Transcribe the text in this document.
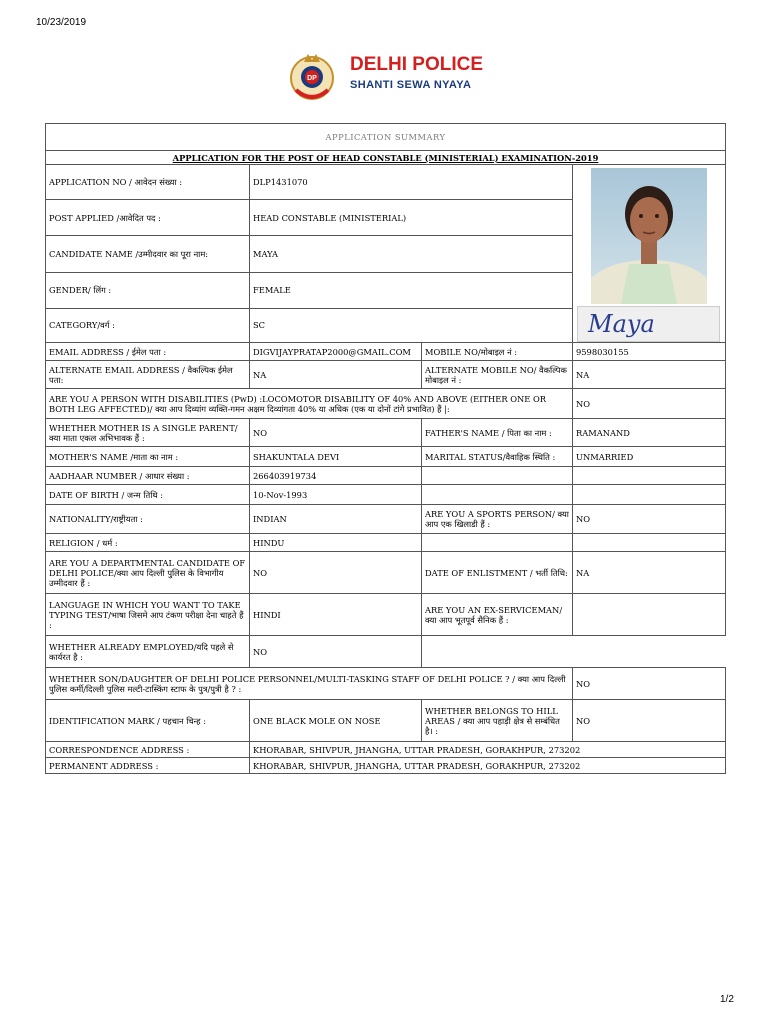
10/23/2019
DP
DELHI POLICE
SHANTI SEWA NYAYA
APPLICATION SUMMARY			
APPLICATION FOR THE POST OF HEAD CONSTABLE (MINISTERIAL) EXAMINATION-2019			
APPLICATION NO / आवेदन संख्या :	DLP1431070		Maya

POST APPLIED /आवेदित पद :	HEAD CONSTABLE (MINISTERIAL)		
CANDIDATE NAME /उम्मीदवार का पूरा नाम:	MAYA		
GENDER/ लिंग :	FEMALE		
CATEGORY/वर्ग :	SC		
EMAIL ADDRESS / ईमेल पता :	DIGVIJAYPRATAP2000@GMAIL.COM	MOBILE NO/मोबाइल नं :	9598030155
ALTERNATE EMAIL ADDRESS / वैकल्पिक ईमेल पता:	NA	ALTERNATE MOBILE NO/ वैकल्पिक मोबाइल नं :	NA
ARE YOU A PERSON WITH DISABILITIES (PwD) :LOCOMOTOR DISABILITY OF 40% AND ABOVE (EITHER ONE OR BOTH LEG AFFECTED)/ क्या आप दिव्यांग व्यक्ति-गमन अक्षम दिव्यांगता 40% या अधिक (एक या दोनों टांगे प्रभावित) हैं |:			NO
WHETHER MOTHER IS A SINGLE PARENT/ क्या माता एकल अभिभावक हैं :	NO	FATHER'S NAME / पिता का नाम :	RAMANAND
MOTHER'S NAME /माता का नाम :	SHAKUNTALA DEVI	MARITAL STATUS/वैवाहिक स्थिति :	UNMARRIED
AADHAAR NUMBER / आधार संख्या :	266403919734		
DATE OF BIRTH / जन्म तिथि :	10-Nov-1993		
NATIONALITY/राष्ट्रीयता :	INDIAN	ARE YOU A SPORTS PERSON/ क्या आप एक खिलाडी हैं :	NO
RELIGION / धर्म :	HINDU		
ARE YOU A DEPARTMENTAL CANDIDATE OF DELHI POLICE/क्या आप दिल्ली पुलिस के विभागीय उम्मीदवार हैं :	NO	DATE OF ENLISTMENT / भर्ती तिथि:	NA
LANGUAGE IN WHICH YOU WANT TO TAKE TYPING TEST/भाषा जिसमे आप टंकण परीक्षा देना चाहते हैं :	HINDI	ARE YOU AN EX-SERVICEMAN/ क्या आप भूतपूर्व सैनिक हैं :	
WHETHER ALREADY EMPLOYED/यदि पहले से कार्यरत है :	NO		
WHETHER SON/DAUGHTER OF DELHI POLICE PERSONNEL/MULTI-TASKING STAFF OF DELHI POLICE ? / क्या आप दिल्ली पुलिस कर्मी/दिल्ली पुलिस मल्टी-टास्किंग स्टाफ के पुत्र/पुत्री है ? :			NO
IDENTIFICATION MARK / पहचान चिन्ह :	ONE BLACK MOLE ON NOSE	WHETHER BELONGS TO HILL AREAS / क्या आप पहाड़ी क्षेत्र से सम्बंधित है। :	NO
CORRESPONDENCE ADDRESS :	KHORABAR, SHIVPUR, JHANGHA, UTTAR PRADESH, GORAKHPUR, 273202		
PERMANENT ADDRESS :	KHORABAR, SHIVPUR, JHANGHA, UTTAR PRADESH, GORAKHPUR, 273202		
1/2
